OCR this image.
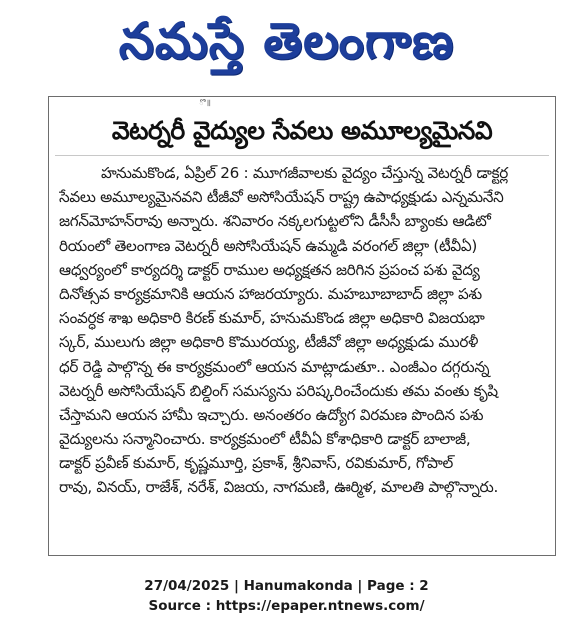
నమస్తే తెలంగాణ
ో ॥
వెటర్నరీ వైద్యుల సేవలు అమూల్యమైనవి
హనుమకొండ, ఏప్రిల్ 26 : మూగజీవాలకు వైద్యం చేస్తున్న వెటర్నరీ డాక్టర్ల
సేవలు అమూల్యమైనవని టీజీవో అసోసియేషన్ రాష్ట్ర ఉపాధ్యక్షుడు ఎన్నమనేని
జగన్‌మోహన్‌రావు అన్నారు. శనివారం నక్కలగుట్టలోని డీసీసీ బ్యాంకు ఆడిటో
రియంలో తెలంగాణ వెటర్నరీ అసోసియేషన్ ఉమ్మడి వరంగల్ జిల్లా (టీవీఏ)
ఆధ్వర్యంలో కార్యదర్శి డాక్టర్ రాముల అధ్యక్షతన జరిగిన ప్రపంచ పశు వైద్య
దినోత్సవ కార్యక్రమానికి ఆయన హాజరయ్యారు. మహబూబాబాద్ జిల్లా పశు
సంవర్ధక శాఖ అధికారి కిరణ్ కుమార్, హనుమకొండ జిల్లా అధికారి విజయభా
స్కర్, ములుగు జిల్లా అధికారి కొమురయ్య, టీజీవో జిల్లా అధ్యక్షుడు మురళీ
ధర్ రెడ్డి పాల్గొన్న ఈ కార్యక్రమంలో ఆయన మాట్లాడుతూ.. ఎంజీఎం దగ్గరున్న
వెటర్నరీ అసోసియేషన్ బిల్డింగ్ సమస్యను పరిష్కరించేందుకు తమ వంతు కృషి
చేస్తామని ఆయన హామీ ఇచ్చారు. అనంతరం ఉద్యోగ విరమణ పొందిన పశు
వైద్యులను సన్మానించారు. కార్యక్రమంలో టీవీఏ కోశాధికారి డాక్టర్ బాలాజీ,
డాక్టర్ ప్రవీణ్ కుమార్, కృష్ణమూర్తి, ప్రకాశ్, శ్రీనివాస్, రవికుమార్, గోపాల్
రావు, వినయ్, రాజేశ్, నరేశ్, విజయ, నాగమణి, ఊర్మిళ, మాలతి పాల్గొన్నారు.
27/04/2025 | Hanumakonda | Page : 2
Source : https://epaper.ntnews.com/
